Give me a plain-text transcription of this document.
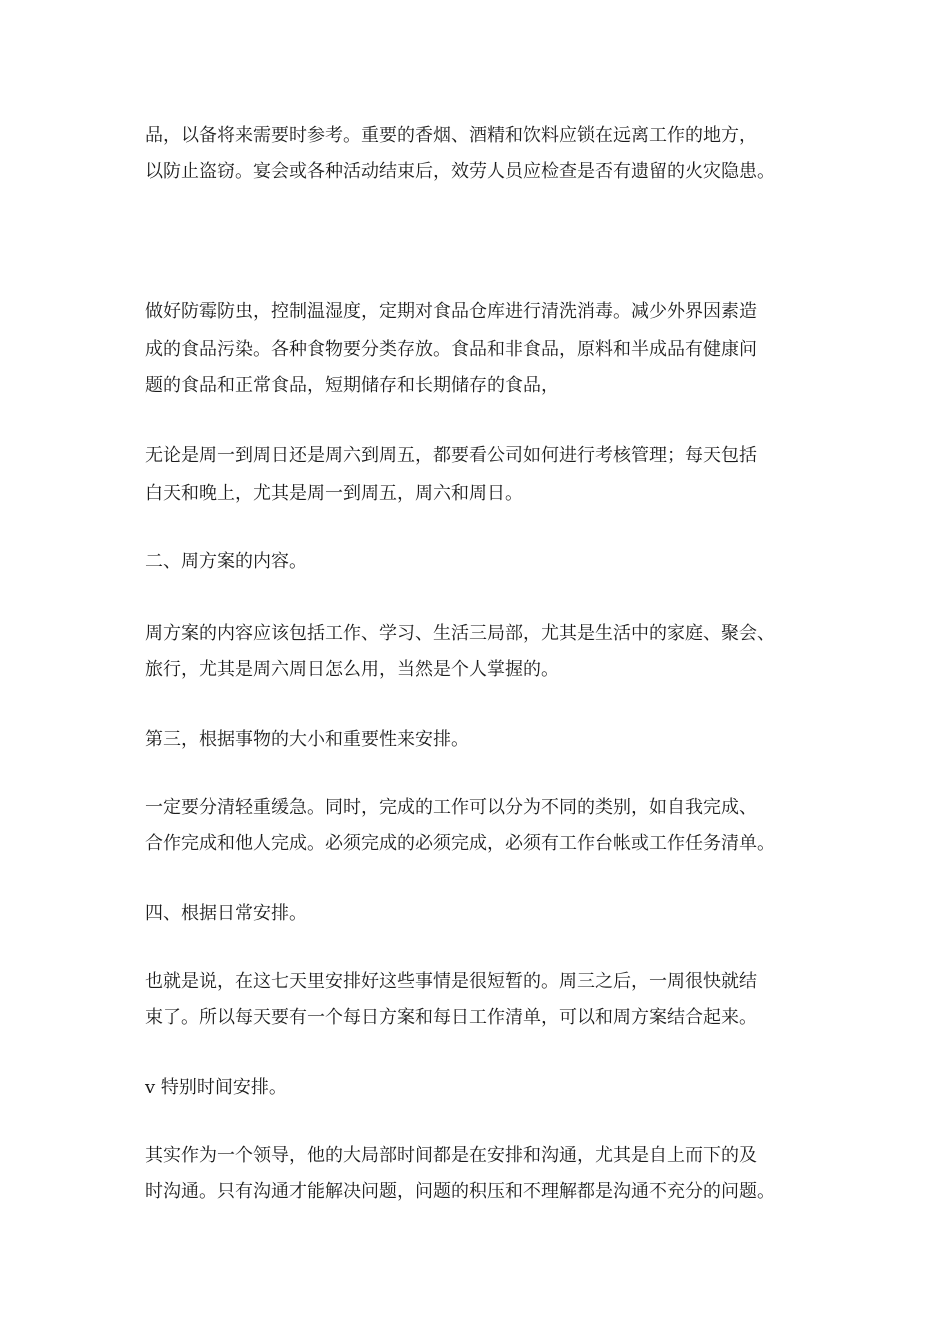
品，以备将来需要时参考。重要的香烟、酒精和饮料应锁在远离工作的地方，

以防止盗窃。宴会或各种活动结束后，效劳人员应检查是否有遗留的火灾隐患。

做好防霉防虫，控制温湿度，定期对食品仓库进行清洗消毒。减少外界因素造

成的食品污染。各种食物要分类存放。食品和非食品，原料和半成品有健康问

题的食品和正常食品，短期储存和长期储存的食品，

无论是周一到周日还是周六到周五，都要看公司如何进行考核管理；每天包括

白天和晚上，尤其是周一到周五，周六和周日。

二、周方案的内容。

周方案的内容应该包括工作、学习、生活三局部，尤其是生活中的家庭、聚会、

旅行，尤其是周六周日怎么用，当然是个人掌握的。

第三，根据事物的大小和重要性来安排。

一定要分清轻重缓急。同时，完成的工作可以分为不同的类别，如自我完成、

合作完成和他人完成。必须完成的必须完成，必须有工作台帐或工作任务清单。

四、根据日常安排。

也就是说，在这七天里安排好这些事情是很短暂的。周三之后，一周很快就结

束了。所以每天要有一个每日方案和每日工作清单，可以和周方案结合起来。

v 特别时间安排。

其实作为一个领导，他的大局部时间都是在安排和沟通，尤其是自上而下的及

时沟通。只有沟通才能解决问题，问题的积压和不理解都是沟通不充分的问题。
